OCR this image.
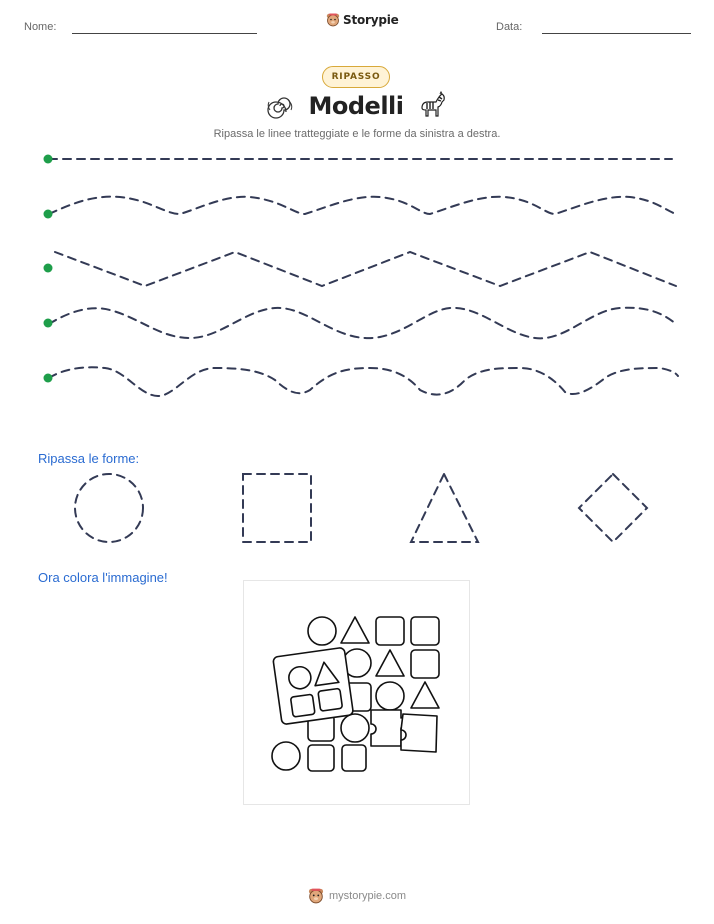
Nome:	Storypie	Data:
RIPASSO
Modelli
Ripassa le linee tratteggiate e le forme da sinistra a destra.
Ripassa le forme:
Ora colora l'immagine!
mystorypie.com
